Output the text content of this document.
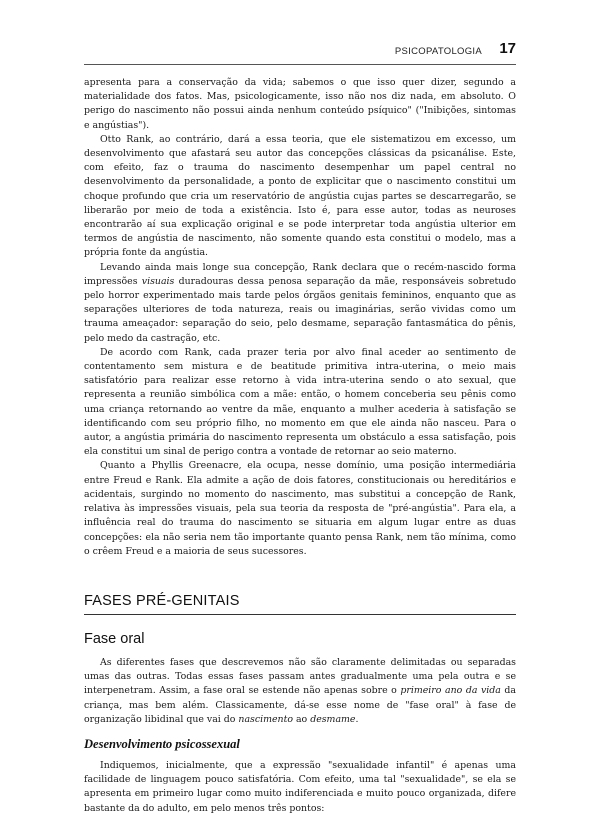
PSICOPATOLOGIA 17

apresenta para a conservação da vida; sabemos o que isso quer dizer, segundo a materialidade dos fatos. Mas, psicologicamente, isso não nos diz nada, em absoluto. O perigo do nascimento não possui ainda nenhum conteúdo psíquico" ("Inibições, sintomas e angústias").

Otto Rank, ao contrário, dará a essa teoria, que ele sistematizou em excesso, um desenvolvimento que afastará seu autor das concepções clássicas da psicanálise. Este, com efeito, faz o trauma do nascimento desempenhar um papel central no desenvolvimento da personalidade, a ponto de explicitar que o nascimento constitui um choque profundo que cria um reservatório de angústia cujas partes se descarregarão, se liberarão por meio de toda a existência. Isto é, para esse autor, todas as neuroses encontrarão aí sua explicação original e se pode interpretar toda angústia ulterior em termos de angústia de nascimento, não somente quando esta constitui o modelo, mas a própria fonte da angústia.

Levando ainda mais longe sua concepção, Rank declara que o recém-nascido forma impressões visuais duradouras dessa penosa separação da mãe, responsáveis sobretudo pelo horror experimentado mais tarde pelos órgãos genitais femininos, enquanto que as separações ulteriores de toda natureza, reais ou imaginárias, serão vividas como um trauma ameaçador: separação do seio, pelo desmame, separação fantasmática do pênis, pelo medo da castração, etc.

De acordo com Rank, cada prazer teria por alvo final aceder ao sentimento de contentamento sem mistura e de beatitude primitiva intra-uterina, o meio mais satisfatório para realizar esse retorno à vida intra-uterina sendo o ato sexual, que representa a reunião simbólica com a mãe: então, o homem conceberia seu pênis como uma criança retornando ao ventre da mãe, enquanto a mulher acederia à satisfação se identificando com seu próprio filho, no momento em que ele ainda não nasceu. Para o autor, a angústia primária do nascimento representa um obstáculo a essa satisfação, pois ela constitui um sinal de perigo contra a vontade de retornar ao seio materno.

Quanto a Phyllis Greenacre, ela ocupa, nesse domínio, uma posição intermediária entre Freud e Rank. Ela admite a ação de dois fatores, constitucionais ou hereditários e acidentais, surgindo no momento do nascimento, mas substitui a concepção de Rank, relativa às impressões visuais, pela sua teoria da resposta de "pré-angústia". Para ela, a influência real do trauma do nascimento se situaria em algum lugar entre as duas concepções: ela não seria nem tão importante quanto pensa Rank, nem tão mínima, como o crêem Freud e a maioria de seus sucessores.

FASES PRÉ-GENITAIS
Fase oral

As diferentes fases que descrevemos não são claramente delimitadas ou separadas umas das outras. Todas essas fases passam antes gradualmente uma pela outra e se interpenetram. Assim, a fase oral se estende não apenas sobre o primeiro ano da vida da criança, mas bem além. Classicamente, dá-se esse nome de "fase oral" à fase de organização libidinal que vai do nascimento ao desmame.

Desenvolvimento psicossexual

Indiquemos, inicialmente, que a expressão "sexualidade infantil" é apenas uma facilidade de linguagem pouco satisfatória. Com efeito, uma tal "sexualidade", se ela se apresenta em primeiro lugar como muito indiferenciada e muito pouco organizada, difere bastante da do adulto, em pelo menos três pontos:
